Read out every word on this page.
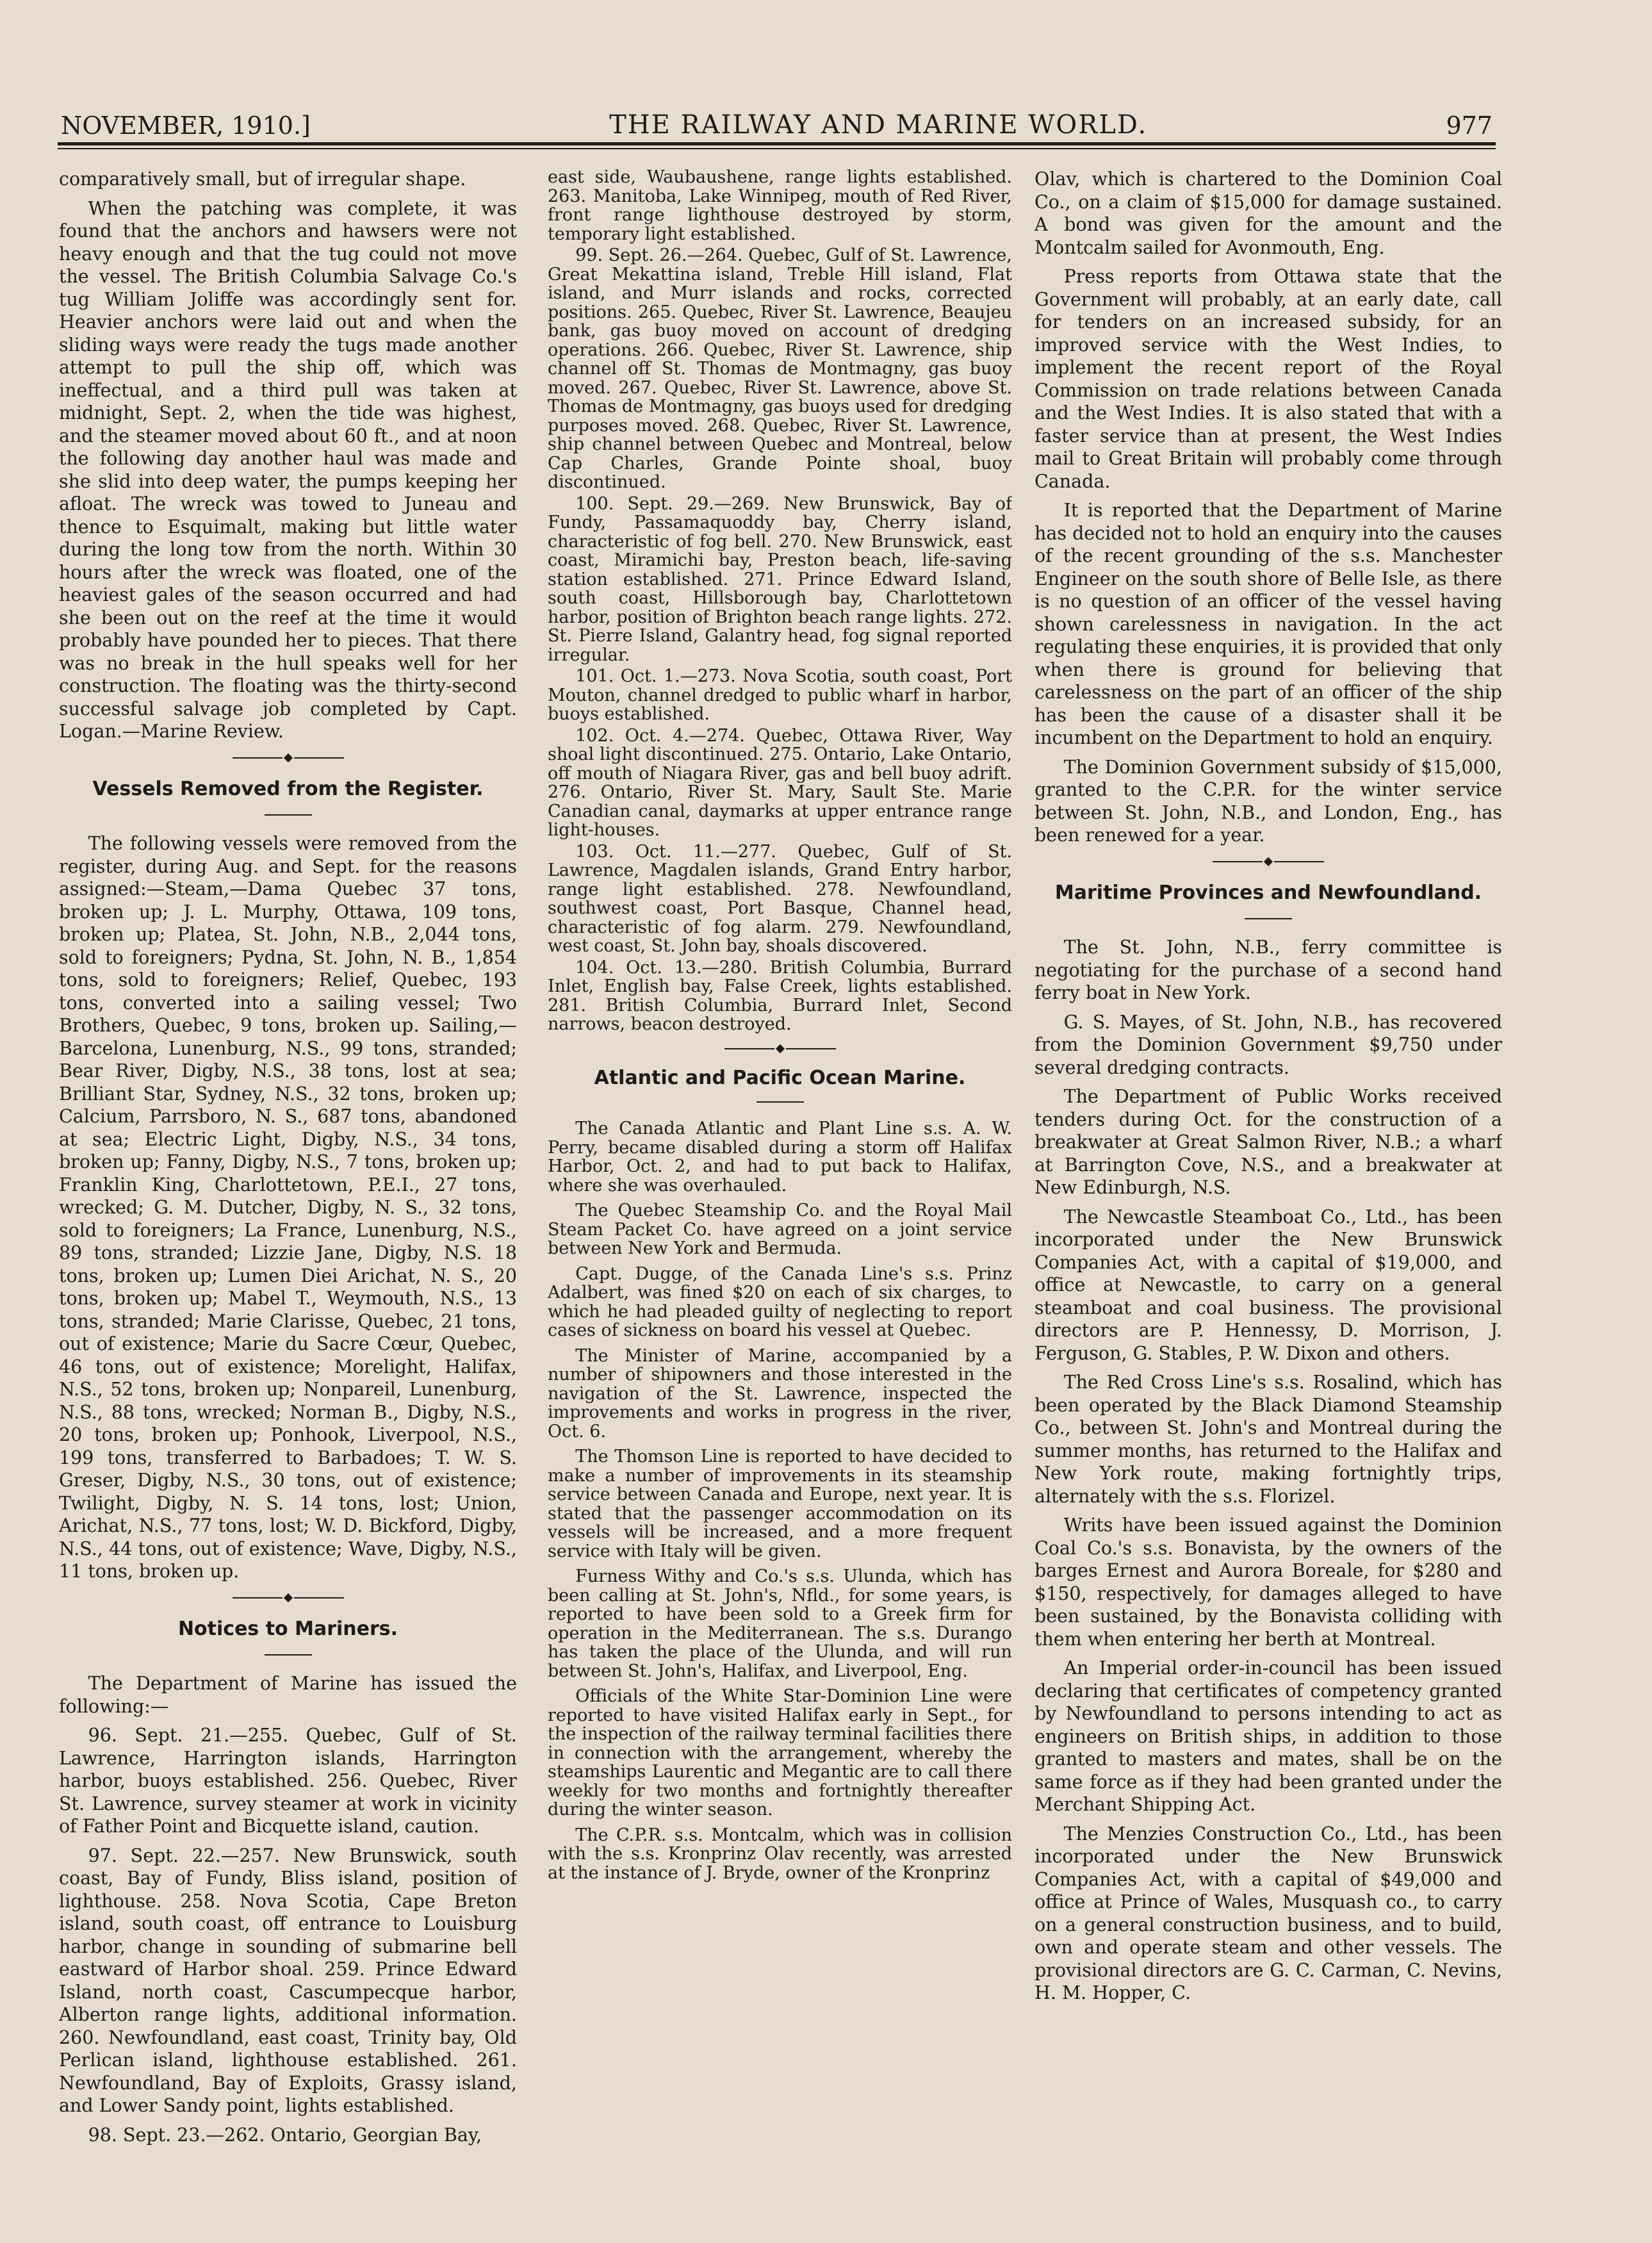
NOVEMBER, 1910.]	THE RAILWAY AND MARINE WORLD.	977

comparatively small, but of irregular shape.

When the patching was complete, it was found that the anchors and hawsers were not heavy enough and that the tug could not move the vessel. The British Columbia Salvage Co.'s tug William Joliffe was accordingly sent for. Heavier anchors were laid out and when the sliding ways were ready the tugs made another attempt to pull the ship off, which was ineffectual, and a third pull was taken at midnight, Sept. 2, when the tide was highest, and the steamer moved about 60 ft., and at noon the following day another haul was made and she slid into deep water, the pumps keeping her afloat. The wreck was towed to Juneau and thence to Esquimalt, making but little water during the long tow from the north. Within 30 hours after the wreck was floated, one of the heaviest gales of the season occurred and had she been out on the reef at the time it would probably have pounded her to pieces. That there was no break in the hull speaks well for her construction. The floating was the thirty-second successful salvage job completed by Capt. Logan.—Marine Review.

Vessels Removed from the Register.

The following vessels were removed from the register, during Aug. and Sept. for the reasons assigned:—Steam,—Dama Quebec 37 tons, broken up; J. L. Murphy, Ottawa, 109 tons, broken up; Platea, St. John, N.B., 2,044 tons, sold to foreigners; Pydna, St. John, N. B., 1,854 tons, sold to foreigners; Relief, Quebec, 193 tons, converted into a sailing vessel; Two Brothers, Quebec, 9 tons, broken up. Sailing,—Barcelona, Lunenburg, N.S., 99 tons, stranded; Bear River, Digby, N.S., 38 tons, lost at sea; Brilliant Star, Sydney, N.S., 32 tons, broken up; Calcium, Parrsboro, N. S., 687 tons, abandoned at sea; Electric Light, Digby, N.S., 34 tons, broken up; Fanny, Digby, N.S., 7 tons, broken up; Franklin King, Charlottetown, P.E.I., 27 tons, wrecked; G. M. Dutcher, Digby, N. S., 32 tons, sold to foreigners; La France, Lunenburg, N.S., 89 tons, stranded; Lizzie Jane, Digby, N.S. 18 tons, broken up; Lumen Diei Arichat, N. S., 20 tons, broken up; Mabel T., Weymouth, N.S., 13 tons, stranded; Marie Clarisse, Quebec, 21 tons, out of existence; Marie du Sacre Cœur, Quebec, 46 tons, out of existence; Morelight, Halifax, N.S., 52 tons, broken up; Nonpareil, Lunenburg, N.S., 88 tons, wrecked; Norman B., Digby, N.S., 20 tons, broken up; Ponhook, Liverpool, N.S., 199 tons, transferred to Barbadoes; T. W. S. Greser, Digby, N.S., 30 tons, out of existence; Twilight, Digby, N. S. 14 tons, lost; Union, Arichat, N.S., 77 tons, lost; W. D. Bickford, Digby, N.S., 44 tons, out of existence; Wave, Digby, N.S., 11 tons, broken up.

Notices to Mariners.

The Department of Marine has issued the following:—

96. Sept. 21.—255. Quebec, Gulf of St. Lawrence, Harrington islands, Harrington harbor, buoys established. 256. Quebec, River St. Lawrence, survey steamer at work in vicinity of Father Point and Bicquette island, caution.

97. Sept. 22.—257. New Brunswick, south coast, Bay of Fundy, Bliss island, position of lighthouse. 258. Nova Scotia, Cape Breton island, south coast, off entrance to Louisburg harbor, change in sounding of submarine bell eastward of Harbor shoal. 259. Prince Edward Island, north coast, Cascumpecque harbor, Alberton range lights, additional information. 260. Newfoundland, east coast, Trinity bay, Old Perlican island, lighthouse established. 261. Newfoundland, Bay of Exploits, Grassy island, and Lower Sandy point, lights established.

98. Sept. 23.—262. Ontario, Georgian Bay,

east side, Waubaushene, range lights established. 263. Manitoba, Lake Winnipeg, mouth of Red River, front range lighthouse destroyed by storm, temporary light established.

99. Sept. 26.—264. Quebec, Gulf of St. Lawrence, Great Mekattina island, Treble Hill island, Flat island, and Murr islands and rocks, corrected positions. 265. Quebec, River St. Lawrence, Beaujeu bank, gas buoy moved on account of dredging operations. 266. Quebec, River St. Lawrence, ship channel off St. Thomas de Montmagny, gas buoy moved. 267. Quebec, River St. Lawrence, above St. Thomas de Montmagny, gas buoys used for dredging purposes moved. 268. Quebec, River St. Lawrence, ship channel between Quebec and Montreal, below Cap Charles, Grande Pointe shoal, buoy discontinued.

100. Sept. 29.—269. New Brunswick, Bay of Fundy, Passamaquoddy bay, Cherry island, characteristic of fog bell. 270. New Brunswick, east coast, Miramichi bay, Preston beach, life-saving station established. 271. Prince Edward Island, south coast, Hillsborough bay, Charlottetown harbor, position of Brighton beach range lights. 272. St. Pierre Island, Galantry head, fog signal reported irregular.

101. Oct. 1.—273. Nova Scotia, south coast, Port Mouton, channel dredged to public wharf in harbor, buoys established.

102. Oct. 4.—274. Quebec, Ottawa River, Way shoal light discontinued. 275. Ontario, Lake Ontario, off mouth of Niagara River, gas and bell buoy adrift. 276. Ontario, River St. Mary, Sault Ste. Marie Canadian canal, daymarks at upper entrance range light-houses.

103. Oct. 11.—277. Quebec, Gulf of St. Lawrence, Magdalen islands, Grand Entry harbor, range light established. 278. Newfoundland, southwest coast, Port Basque, Channel head, characteristic of fog alarm. 279. Newfoundland, west coast, St. John bay, shoals discovered.

104. Oct. 13.—280. British Columbia, Burrard Inlet, English bay, False Creek, lights established. 281. British Columbia, Burrard Inlet, Second narrows, beacon destroyed.

Atlantic and Pacific Ocean Marine.

The Canada Atlantic and Plant Line s.s. A. W. Perry, became disabled during a storm off Halifax Harbor, Oct. 2, and had to put back to Halifax, where she was overhauled.

The Quebec Steamship Co. and the Royal Mail Steam Packet Co. have agreed on a joint service between New York and Bermuda.

Capt. Dugge, of the Canada Line's s.s. Prinz Adalbert, was fined $20 on each of six charges, to which he had pleaded guilty of neglecting to report cases of sickness on board his vessel at Quebec.

The Minister of Marine, accompanied by a number of shipowners and those interested in the navigation of the St. Lawrence, inspected the improvements and works in progress in the river, Oct. 6.

The Thomson Line is reported to have decided to make a number of improvements in its steamship service between Canada and Europe, next year. It is stated that the passenger accommodation on its vessels will be increased, and a more frequent service with Italy will be given.

Furness Withy and Co.'s s.s. Ulunda, which has been calling at St. John's, Nfld., for some years, is reported to have been sold to a Greek firm for operation in the Mediterranean. The s.s. Durango has taken the place of the Ulunda, and will run between St. John's, Halifax, and Liverpool, Eng.

Officials of the White Star-Dominion Line were reported to have visited Halifax early in Sept., for the inspection of the railway terminal facilities there in connection with the arrangement, whereby the steamships Laurentic and Megantic are to call there weekly for two months and fortnightly thereafter during the winter season.

The C.P.R. s.s. Montcalm, which was in collision with the s.s. Kronprinz Olav recently, was arrested at the instance of J. Bryde, owner of the Kronprinz

Olav, which is chartered to the Dominion Coal Co., on a claim of $15,000 for damage sustained. A bond was given for the amount and the Montcalm sailed for Avonmouth, Eng.

Press reports from Ottawa state that the Government will probably, at an early date, call for tenders on an increased subsidy, for an improved service with the West Indies, to implement the recent report of the Royal Commission on trade relations between Canada and the West Indies. It is also stated that with a faster service than at present, the West Indies mail to Great Britain will probably come through Canada.

It is reported that the Department of Marine has decided not to hold an enquiry into the causes of the recent grounding of the s.s. Manchester Engineer on the south shore of Belle Isle, as there is no question of an officer of the vessel having shown carelessness in navigation. In the act regulating these enquiries, it is provided that only when there is ground for believing that carelessness on the part of an officer of the ship has been the cause of a disaster shall it be incumbent on the Department to hold an enquiry.

The Dominion Government subsidy of $15,000, granted to the C.P.R. for the winter service between St. John, N.B., and London, Eng., has been renewed for a year.

Maritime Provinces and Newfoundland.

The St. John, N.B., ferry committee is negotiating for the purchase of a second hand ferry boat in New York.

G. S. Mayes, of St. John, N.B., has recovered from the Dominion Government $9,750 under several dredging contracts.

The Department of Public Works received tenders during Oct. for the construction of a breakwater at Great Salmon River, N.B.; a wharf at Barrington Cove, N.S., and a breakwater at New Edinburgh, N.S.

The Newcastle Steamboat Co., Ltd., has been incorporated under the New Brunswick Companies Act, with a capital of $19,000, and office at Newcastle, to carry on a general steamboat and coal business. The provisional directors are P. Hennessy, D. Morrison, J. Ferguson, G. Stables, P. W. Dixon and others.

The Red Cross Line's s.s. Rosalind, which has been operated by the Black Diamond Steamship Co., between St. John's and Montreal during the summer months, has returned to the Halifax and New York route, making fortnightly trips, alternately with the s.s. Florizel.

Writs have been issued against the Dominion Coal Co.'s s.s. Bonavista, by the owners of the barges Ernest and Aurora Boreale, for $280 and $150, respectively, for damages alleged to have been sustained, by the Bonavista colliding with them when entering her berth at Montreal.

An Imperial order-in-council has been issued declaring that certificates of competency granted by Newfoundland to persons intending to act as engineers on British ships, in addition to those granted to masters and mates, shall be on the same force as if they had been granted under the Merchant Shipping Act.

The Menzies Construction Co., Ltd., has been incorporated under the New Brunswick Companies Act, with a capital of $49,000 and office at Prince of Wales, Musquash co., to carry on a general construction business, and to build, own and operate steam and other vessels. The provisional directors are G. C. Carman, C. Nevins, H. M. Hopper, C.
